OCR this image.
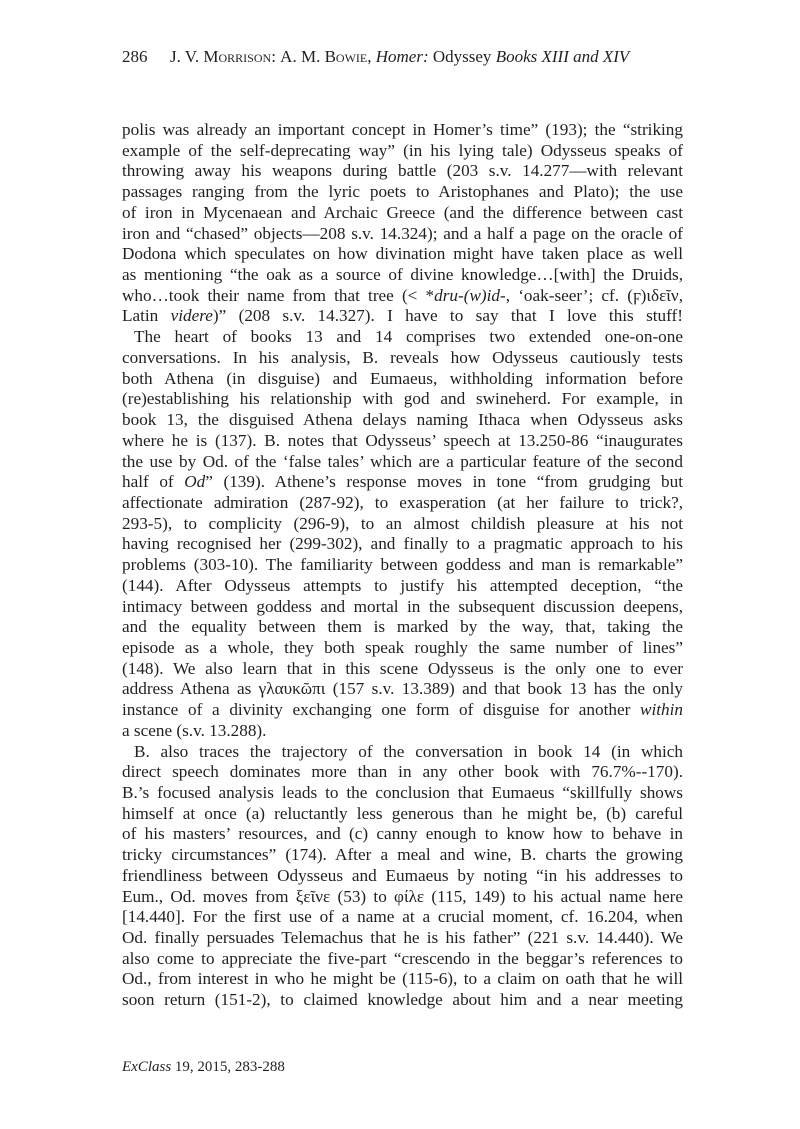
286 J. V. Morrison: A. M. Bowie, Homer: Odyssey Books XIII and XIV
polis was already an important concept in Homer’s time” (193); the “striking
example of the self-deprecating way” (in his lying tale) Odysseus speaks of
throwing away his weapons during battle (203 s.v. 14.277—with relevant
passages ranging from the lyric poets to Aristophanes and Plato); the use
of iron in Mycenaean and Archaic Greece (and the difference between cast
iron and “chased” objects—208 s.v. 14.324); and a half a page on the oracle of
Dodona which speculates on how divination might have taken place as well
as mentioning “the oak as a source of divine knowledge…[with] the Druids,
who…took their name from that tree (< *dru-(w)id-, ‘oak-seer’; cf. (ϝ)ιδεῖν,
Latin videre)” (208 s.v. 14.327). I have to say that I love this stuff!
The heart of books 13 and 14 comprises two extended one-on-one
conversations. In his analysis, B. reveals how Odysseus cautiously tests
both Athena (in disguise) and Eumaeus, withholding information before
(re)establishing his relationship with god and swineherd. For example, in
book 13, the disguised Athena delays naming Ithaca when Odysseus asks
where he is (137). B. notes that Odysseus’ speech at 13.250-86 “inaugurates
the use by Od. of the ‘false tales’ which are a particular feature of the second
half of Od” (139). Athene’s response moves in tone “from grudging but
affectionate admiration (287-92), to exasperation (at her failure to trick?,
293-5), to complicity (296-9), to an almost childish pleasure at his not
having recognised her (299-302), and finally to a pragmatic approach to his
problems (303-10). The familiarity between goddess and man is remarkable”
(144). After Odysseus attempts to justify his attempted deception, “the
intimacy between goddess and mortal in the subsequent discussion deepens,
and the equality between them is marked by the way, that, taking the
episode as a whole, they both speak roughly the same number of lines”
(148). We also learn that in this scene Odysseus is the only one to ever
address Athena as γλαυκῶπι (157 s.v. 13.389) and that book 13 has the only
instance of a divinity exchanging one form of disguise for another within
a scene (s.v. 13.288).
B. also traces the trajectory of the conversation in book 14 (in which
direct speech dominates more than in any other book with 76.7%--170).
B.’s focused analysis leads to the conclusion that Eumaeus “skillfully shows
himself at once (a) reluctantly less generous than he might be, (b) careful
of his masters’ resources, and (c) canny enough to know how to behave in
tricky circumstances” (174). After a meal and wine, B. charts the growing
friendliness between Odysseus and Eumaeus by noting “in his addresses to
Eum., Od. moves from ξεῖνε (53) to φίλε (115, 149) to his actual name here
[14.440]. For the first use of a name at a crucial moment, cf. 16.204, when
Od. finally persuades Telemachus that he is his father” (221 s.v. 14.440). We
also come to appreciate the five-part “crescendo in the beggar’s references to
Od., from interest in who he might be (115-6), to a claim on oath that he will
soon return (151-2), to claimed knowledge about him and a near meeting
ExClass 19, 2015, 283-288
